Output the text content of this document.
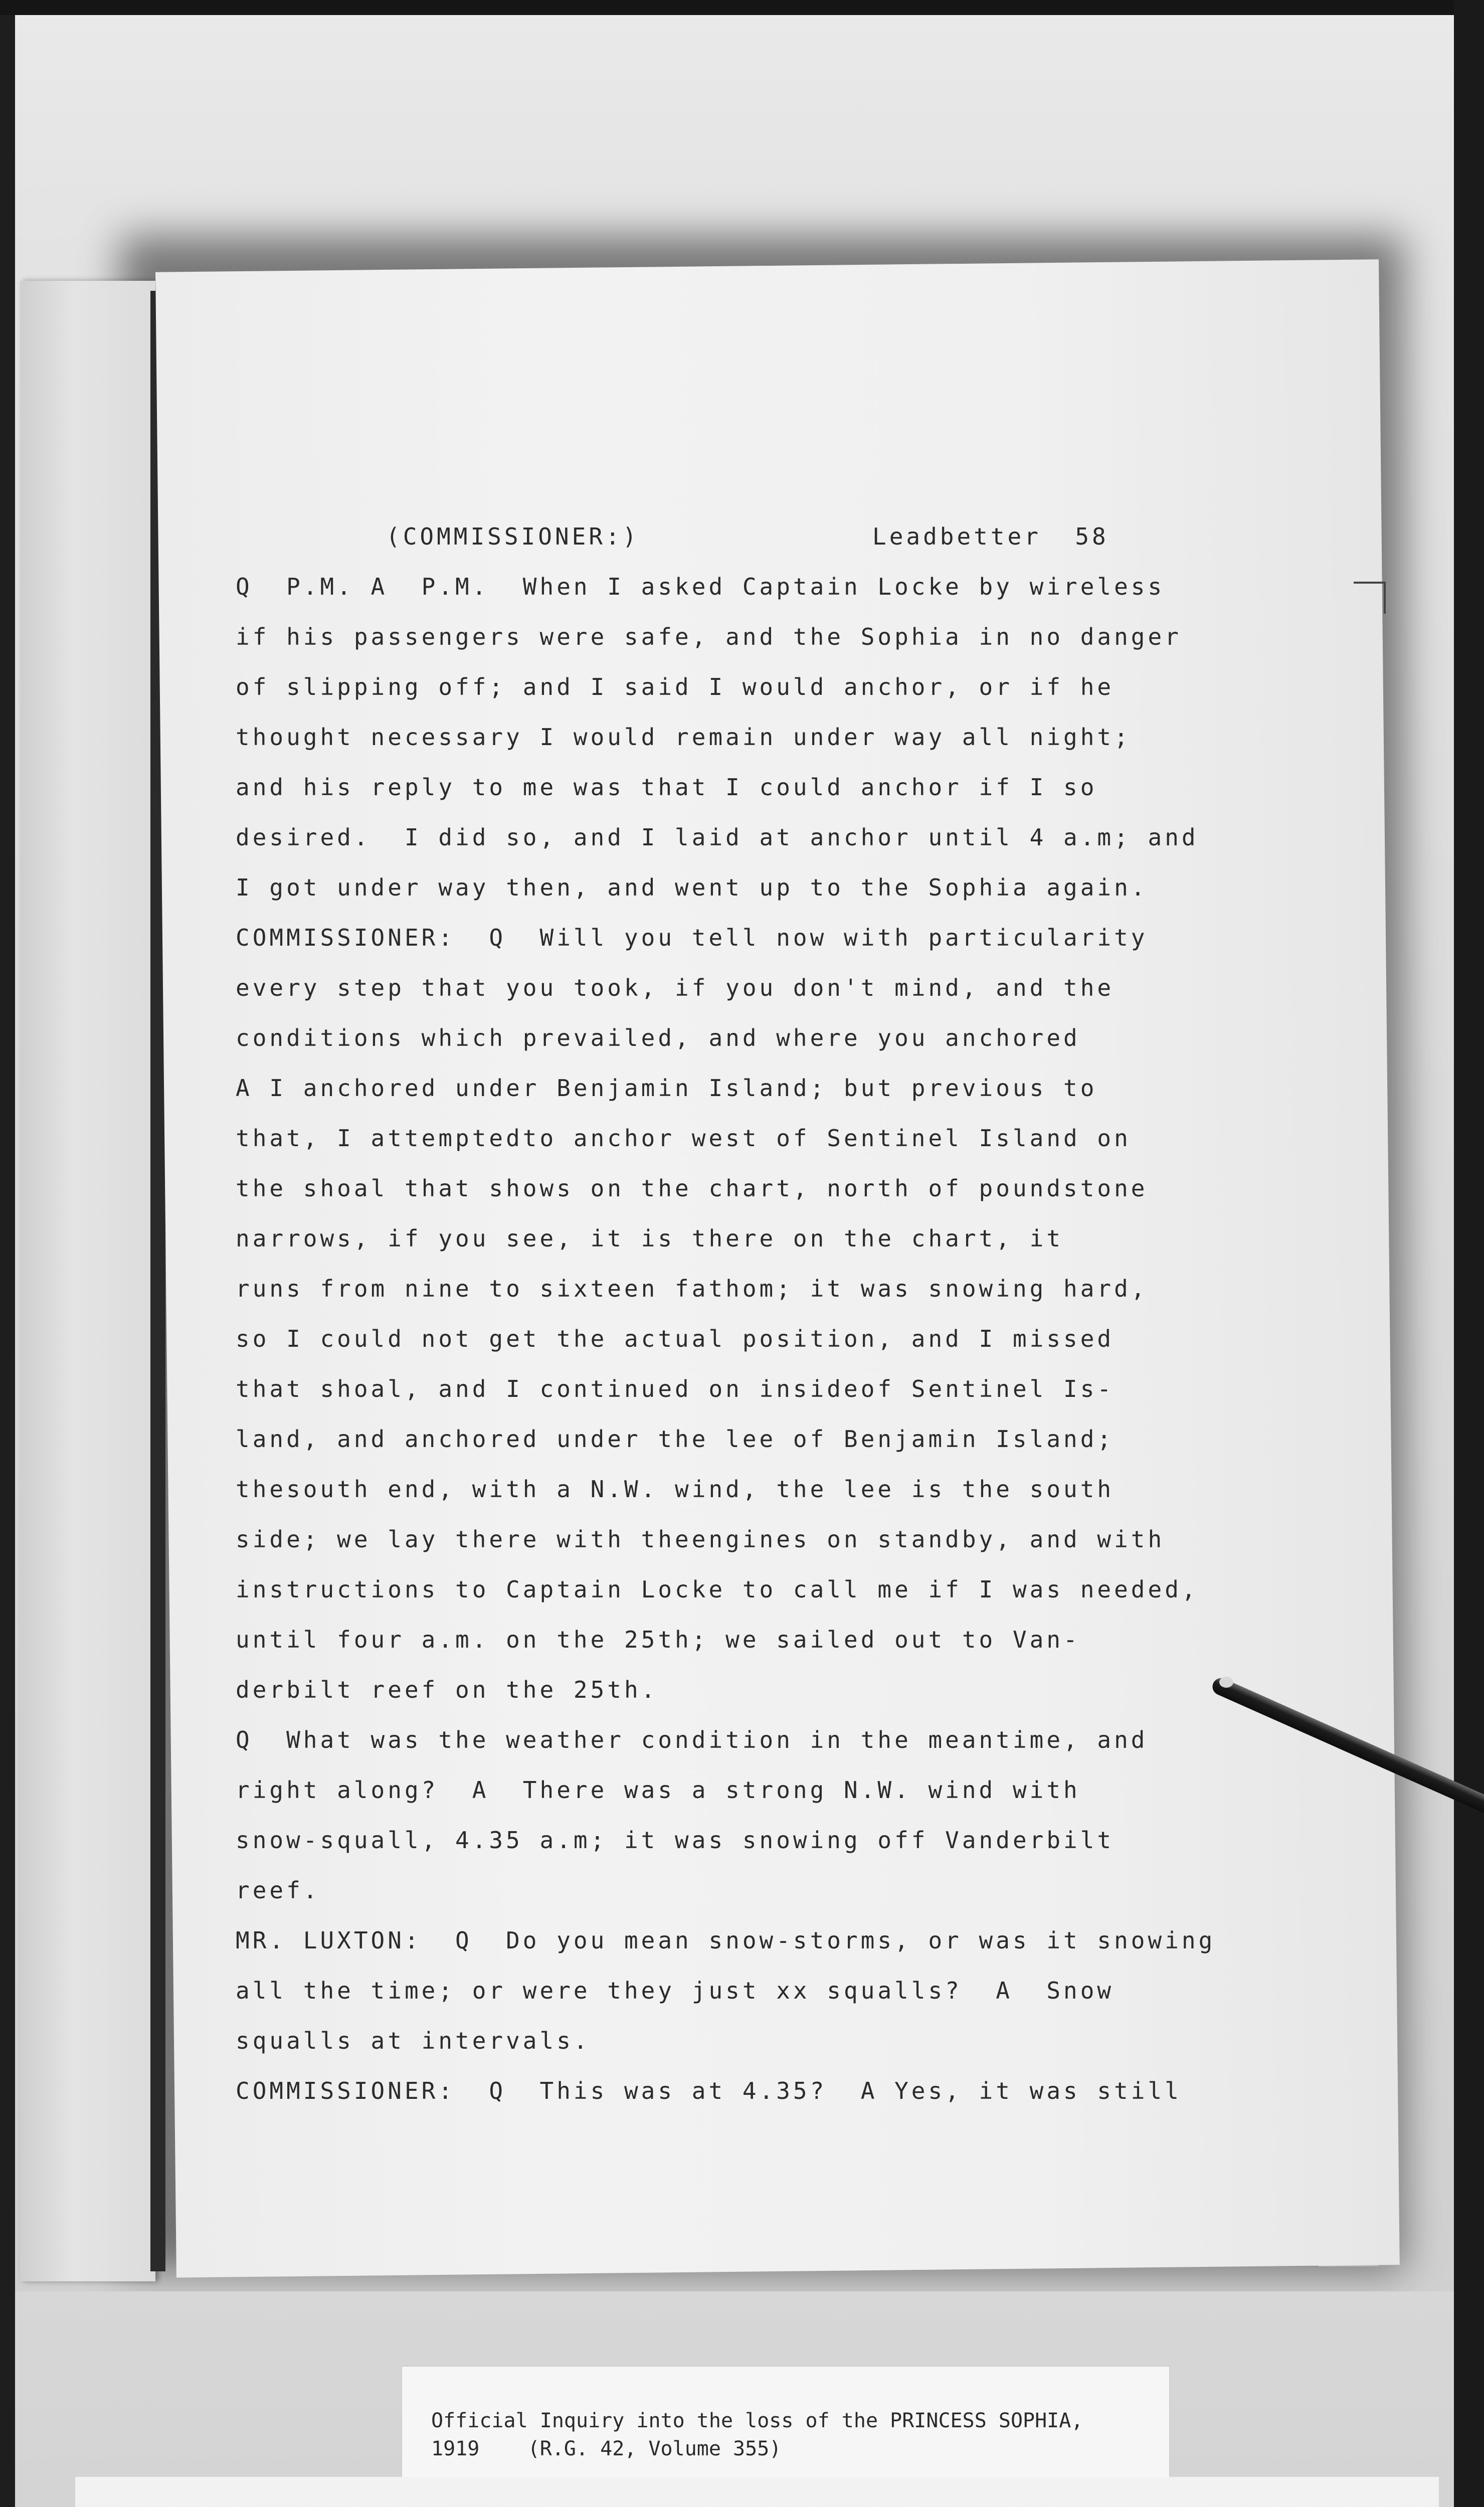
(COMMISSIONER:)	Leadbetter  58
Q  P.M. A  P.M.  When I asked Captain Locke by wireless
if his passengers were safe, and the Sophia in no danger
of slipping off; and I said I would anchor, or if he
thought necessary I would remain under way all night;
and his reply to me was that I could anchor if I so
desired.  I did so, and I laid at anchor until 4 a.m; and
I got under way then, and went up to the Sophia again.
COMMISSIONER:  Q  Will you tell now with particularity
every step that you took, if you don't mind, and the
conditions which prevailed, and where you anchored
A I anchored under Benjamin Island; but previous to
that, I attemptedto anchor west of Sentinel Island on
the shoal that shows on the chart, north of poundstone
narrows, if you see, it is there on the chart, it
runs from nine to sixteen fathom; it was snowing hard,
so I could not get the actual position, and I missed
that shoal, and I continued on insideof Sentinel Is-
land, and anchored under the lee of Benjamin Island;
thesouth end, with a N.W. wind, the lee is the south
side; we lay there with theengines on standby, and with
instructions to Captain Locke to call me if I was needed,
until four a.m. on the 25th; we sailed out to Van-
derbilt reef on the 25th.
Q  What was the weather condition in the meantime, and
right along?  A  There was a strong N.W. wind with
snow-squall, 4.35 a.m; it was snowing off Vanderbilt
reef.
MR. LUXTON:  Q  Do you mean snow-storms, or was it snowing
all the time; or were they just xx squalls?  A  Snow
squalls at intervals.
COMMISSIONER:  Q  This was at 4.35?  A Yes, it was still
Official Inquiry into the loss of the PRINCESS SOPHIA,
1919    (R.G. 42, Volume 355)
